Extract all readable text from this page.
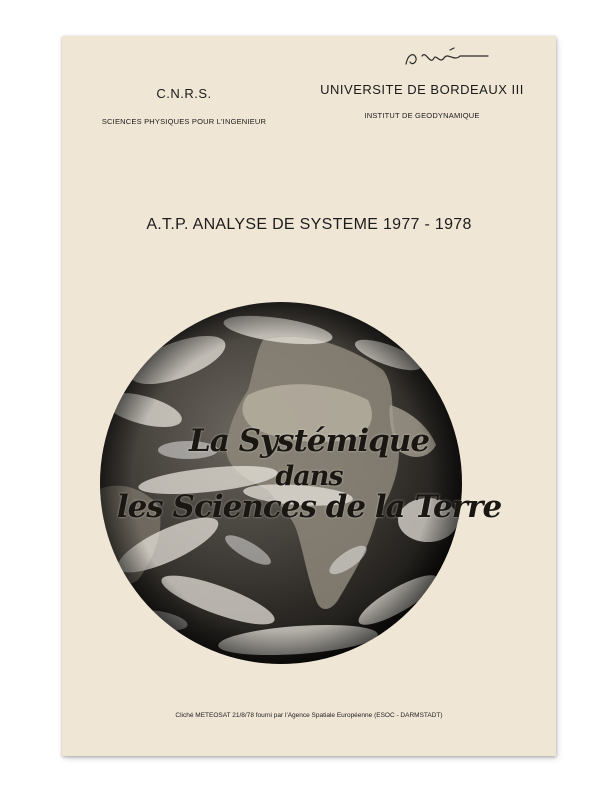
C.N.R.S.
SCIENCES PHYSIQUES POUR L'INGENIEUR
UNIVERSITE DE BORDEAUX III
INSTITUT DE GEODYNAMIQUE
A.T.P. ANALYSE DE SYSTEME 1977 - 1978
La Systémique
dans
les Sciences de la Terre
Cliché METEOSAT 21/8/78 fourni par l'Agence Spatiale Européenne (ESOC - DARMSTADT)
